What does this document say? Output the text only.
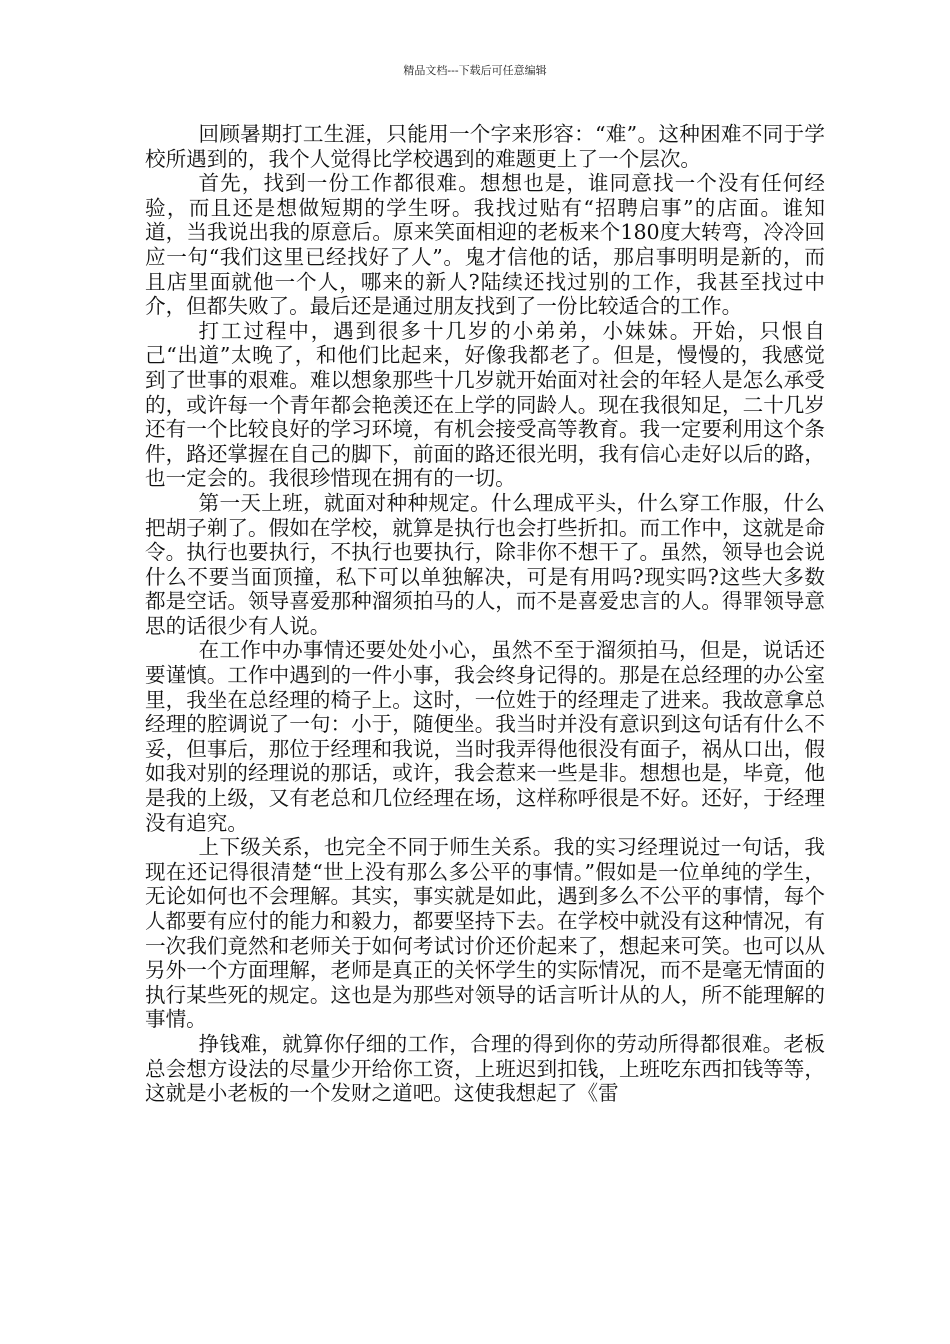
精品文档---下载后可任意编辑

回顾暑期打工生涯，只能用一个字来形容：“难”。这种困难不同于学校所遇到的，我个人觉得比学校遇到的难题更上了一个层次。

首先，找到一份工作都很难。想想也是，谁同意找一个没有任何经验，而且还是想做短期的学生呀。我找过贴有“招聘启事”的店面。谁知道，当我说出我的原意后。原来笑面相迎的老板来个180度大转弯，冷冷回应一句“我们这里已经找好了人”。鬼才信他的话，那启事明明是新的，而且店里面就他一个人，哪来的新人?陆续还找过别的工作，我甚至找过中介，但都失败了。最后还是通过朋友找到了一份比较适合的工作。

打工过程中，遇到很多十几岁的小弟弟，小妹妹。开始，只恨自己“出道”太晚了，和他们比起来，好像我都老了。但是，慢慢的，我感觉到了世事的艰难。难以想象那些十几岁就开始面对社会的年轻人是怎么承受的，或许每一个青年都会艳羡还在上学的同龄人。现在我很知足，二十几岁还有一个比较良好的学习环境，有机会接受高等教育。我一定要利用这个条件，路还掌握在自己的脚下，前面的路还很光明，我有信心走好以后的路，也一定会的。我很珍惜现在拥有的一切。

第一天上班，就面对种种规定。什么理成平头，什么穿工作服，什么把胡子剃了。假如在学校，就算是执行也会打些折扣。而工作中，这就是命令。执行也要执行，不执行也要执行，除非你不想干了。虽然，领导也会说什么不要当面顶撞，私下可以单独解决，可是有用吗?现实吗?这些大多数都是空话。领导喜爱那种溜须拍马的人，而不是喜爱忠言的人。得罪领导意思的话很少有人说。

在工作中办事情还要处处小心，虽然不至于溜须拍马，但是，说话还要谨慎。工作中遇到的一件小事，我会终身记得的。那是在总经理的办公室里，我坐在总经理的椅子上。这时，一位姓于的经理走了进来。我故意拿总经理的腔调说了一句：小于，随便坐。我当时并没有意识到这句话有什么不妥，但事后，那位于经理和我说，当时我弄得他很没有面子，祸从口出，假如我对别的经理说的那话，或许，我会惹来一些是非。想想也是，毕竟，他是我的上级，又有老总和几位经理在场，这样称呼很是不好。还好，于经理没有追究。

上下级关系，也完全不同于师生关系。我的实习经理说过一句话，我现在还记得很清楚“世上没有那么多公平的事情。”假如是一位单纯的学生，无论如何也不会理解。其实，事实就是如此，遇到多么不公平的事情，每个人都要有应付的能力和毅力，都要坚持下去。在学校中就没有这种情况，有一次我们竟然和老师关于如何考试讨价还价起来了，想起来可笑。也可以从另外一个方面理解，老师是真正的关怀学生的实际情况，而不是毫无情面的执行某些死的规定。这也是为那些对领导的话言听计从的人，所不能理解的事情。

挣钱难，就算你仔细的工作，合理的得到你的劳动所得都很难。老板总会想方设法的尽量少开给你工资，上班迟到扣钱，上班吃东西扣钱等等，这就是小老板的一个发财之道吧。这使我想起了《雷
